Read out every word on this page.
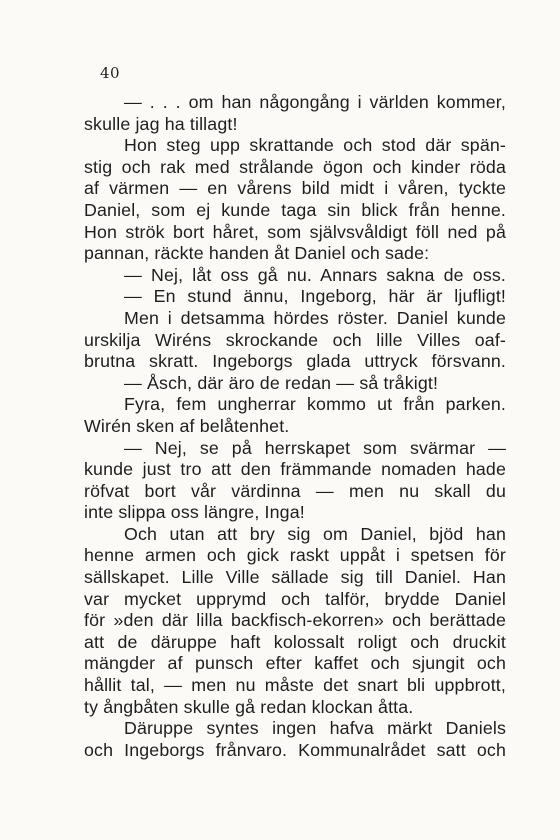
40
— . . . om han någongång i världen kommer,
skulle jag ha tillagt!
Hon steg upp skrattande och stod där spän-
stig och rak med strålande ögon och kinder röda
af värmen — en vårens bild midt i våren, tyckte
Daniel, som ej kunde taga sin blick från henne.
Hon strök bort håret, som självsvåldigt föll ned på
pannan, räckte handen åt Daniel och sade:
— Nej, låt oss gå nu. Annars sakna de oss.
— En stund ännu, Ingeborg, här är ljufligt!
Men i detsamma hördes röster. Daniel kunde
urskilja Wiréns skrockande och lille Villes oaf-
brutna skratt. Ingeborgs glada uttryck försvann.
— Åsch, där äro de redan — så tråkigt!
Fyra, fem ungherrar kommo ut från parken.
Wirén sken af belåtenhet.
— Nej, se på herrskapet som svärmar —
kunde just tro att den främmande nomaden hade
röfvat bort vår värdinna — men nu skall du
inte slippa oss längre, Inga!
Och utan att bry sig om Daniel, bjöd han
henne armen och gick raskt uppåt i spetsen för
sällskapet. Lille Ville sällade sig till Daniel. Han
var mycket upprymd och talför, brydde Daniel
för »den där lilla backfisch-ekorren» och berättade
att de däruppe haft kolossalt roligt och druckit
mängder af punsch efter kaffet och sjungit och
hållit tal, — men nu måste det snart bli uppbrott,
ty ångbåten skulle gå redan klockan åtta.
Däruppe syntes ingen hafva märkt Daniels
och Ingeborgs frånvaro. Kommunalrådet satt och
